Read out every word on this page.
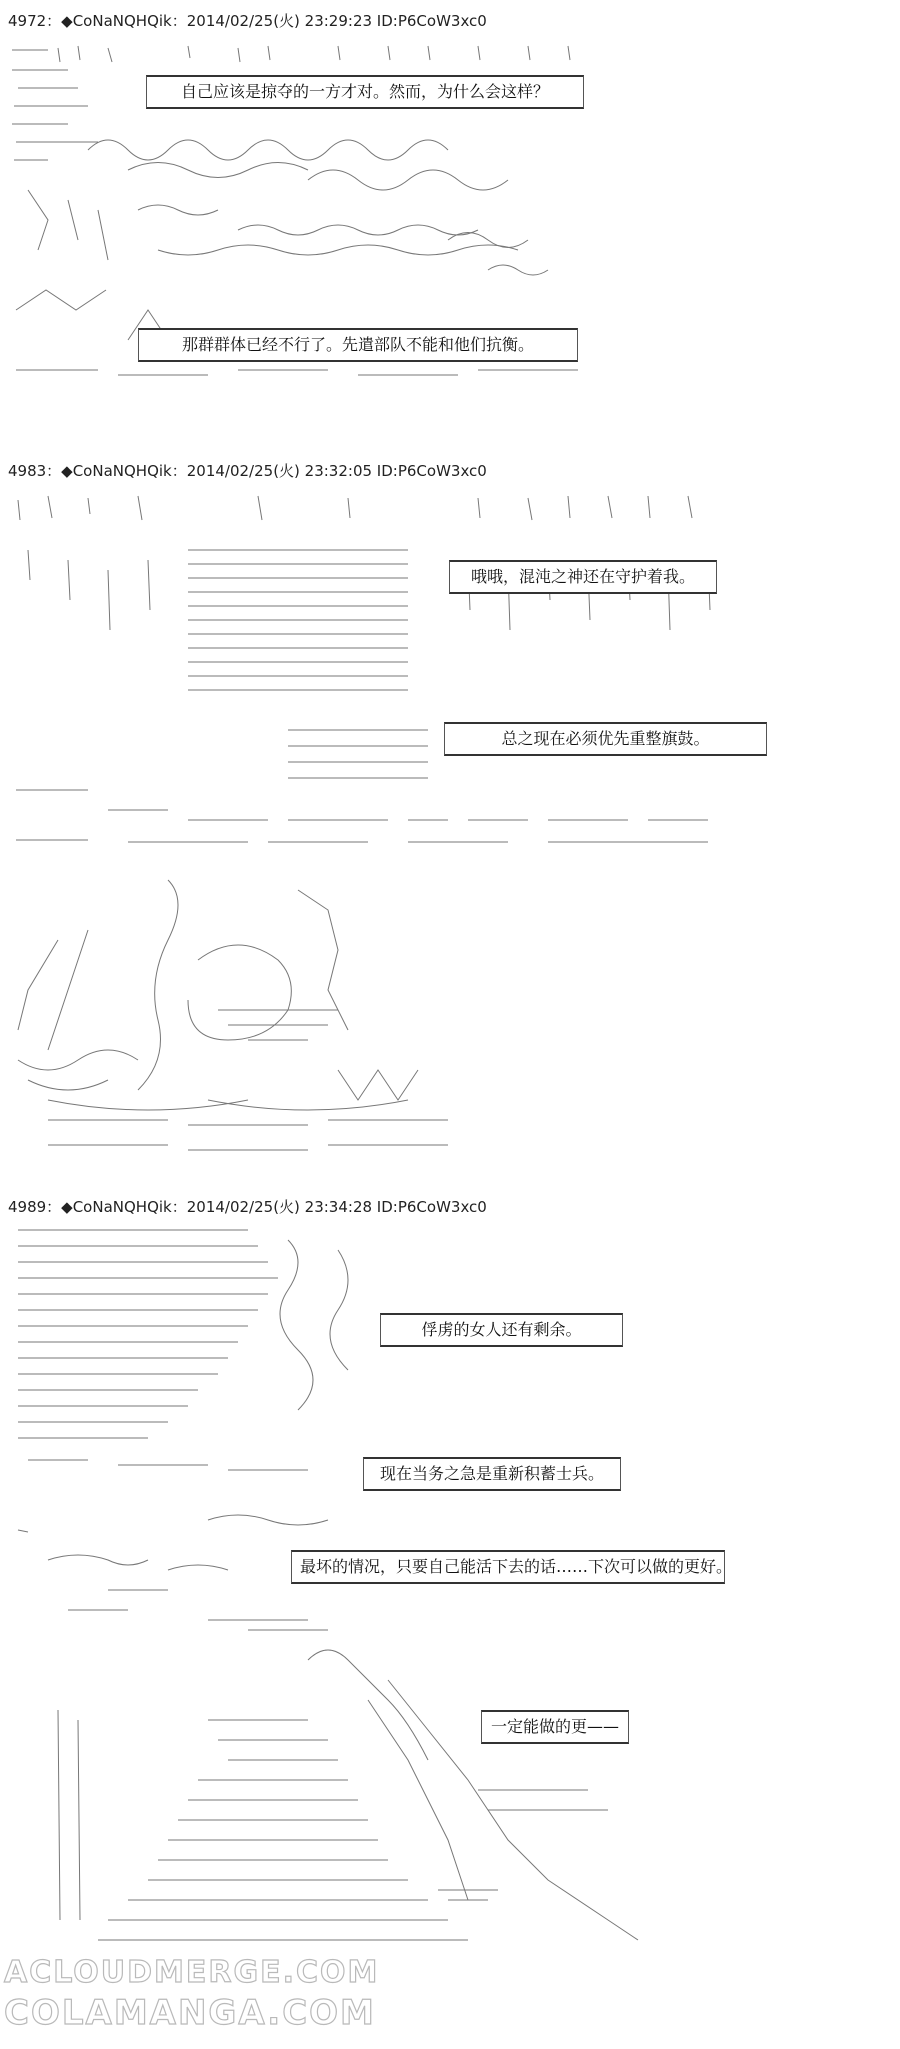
4972：◆CoNaNQHQik：2014/02/25(火) 23:29:23 ID:P6CoW3xc0
自己应该是掠夺的一方才对。然而，为什么会这样？
那群群体已经不行了。先遣部队不能和他们抗衡。
4983：◆CoNaNQHQik：2014/02/25(火) 23:32:05 ID:P6CoW3xc0
哦哦，混沌之神还在守护着我。
总之现在必须优先重整旗鼓。
4989：◆CoNaNQHQik：2014/02/25(火) 23:34:28 ID:P6CoW3xc0
俘虏的女人还有剩余。
现在当务之急是重新积蓄士兵。
最坏的情况，只要自己能活下去的话……下次可以做的更好。
一定能做的更——
ACLOUDMERGE.COM
COLAMANGA.COM
